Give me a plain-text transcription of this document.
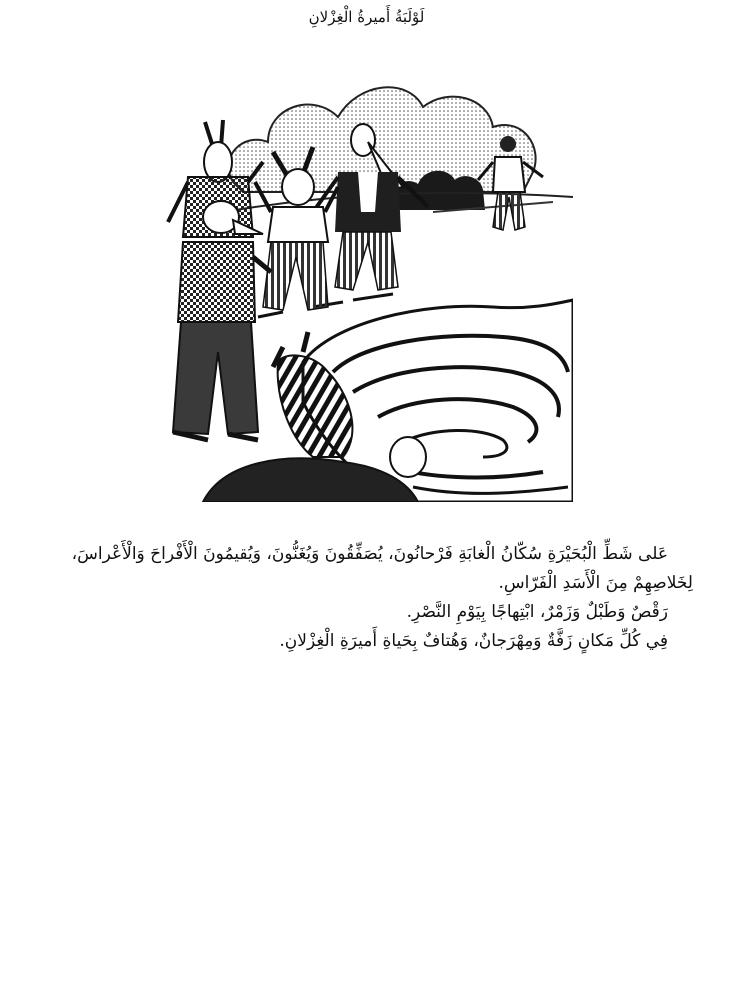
لَوْلَبَةُ أَميرةُ الْغِزْلانِ

عَلى شَطِّ الْبُحَيْرَةِ سُكّانُ الْغابَةِ فَرْحانُونَ، يُصَفِّقُونَ وَيُغَنُّونَ، وَيُقيمُونَ الْأَفْراحَ وَالْأَعْراسَ، لِخَلاصِهِمْ مِنَ الْأَسَدِ الْفَرّاسِ.

رَقْصٌ وَطَبْلٌ وَزَمْرٌ، ابْتِهاجًا بِيَوْمِ النَّصْرِ.

فِي كُلِّ مَكانٍ زَفَّةٌ وَمِهْرَجانٌ، وَهُتافٌ بِحَياةِ أَميرَةِ الْغِزْلانِ.
